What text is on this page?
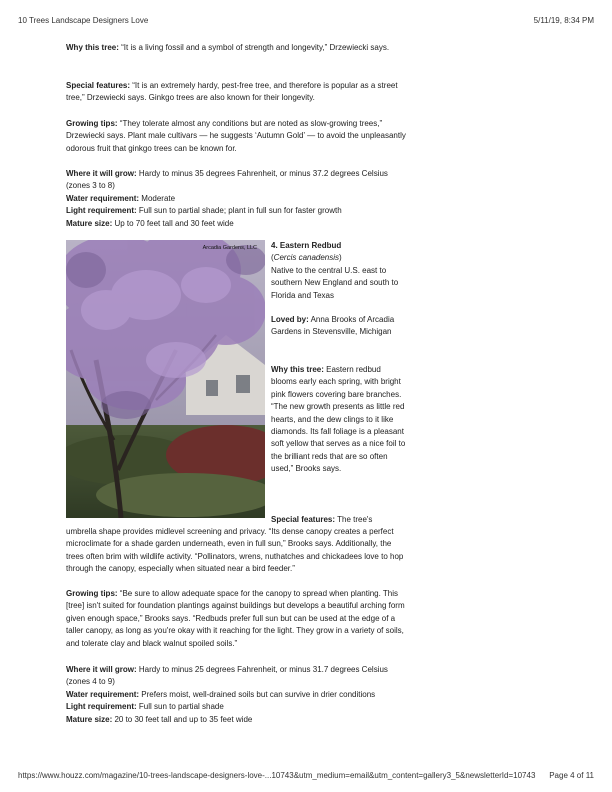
10 Trees Landscape Designers Love	5/11/19, 8:34 PM

Why this tree: “It is a living fossil and a symbol of strength and longevity,” Drzewiecki says.

Special features: “It is an extremely hardy, pest-free tree, and therefore is popular as a street tree,” Drzewiecki says. Ginkgo trees are also known for their longevity.

Growing tips: “They tolerate almost any conditions but are noted as slow-growing trees,” Drzewiecki says. Plant male cultivars — he suggests ‘Autumn Gold’ — to avoid the unpleasantly odorous fruit that ginkgo trees can be known for.

Where it will grow: Hardy to minus 35 degrees Fahrenheit, or minus 37.2 degrees Celsius (zones 3 to 8)

Water requirement: Moderate

Light requirement: Full sun to partial shade; plant in full sun for faster growth

Mature size: Up to 70 feet tall and 30 feet wide

Arcadia Gardens, LLC 4. Eastern Redbud

(Cercis canadensis)

Native to the central U.S. east to southern New England and south to Florida and Texas

Loved by: Anna Brooks of Arcadia Gardens in Stevensville, Michigan

Why this tree: Eastern redbud blooms early each spring, with bright pink flowers covering bare branches. “The new growth presents as little red hearts, and the dew clings to it like diamonds. Its fall foliage is a pleasant soft yellow that serves as a nice foil to the brilliant reds that are so often used,” Brooks says.

Special features: The tree's

umbrella shape provides midlevel screening and privacy. “Its dense canopy creates a perfect microclimate for a shade garden underneath, even in full sun,” Brooks says. Additionally, the trees often brim with wildlife activity. “Pollinators, wrens, nuthatches and chickadees love to hop through the canopy, especially when situated near a bird feeder.”

Growing tips: “Be sure to allow adequate space for the canopy to spread when planting. This [tree] isn't suited for foundation plantings against buildings but develops a beautiful arching form given enough space,” Brooks says. “Redbuds prefer full sun but can be used at the edge of a taller canopy, as long as you're okay with it reaching for the light. They grow in a variety of soils, and tolerate clay and black walnut spoiled soils.”

Where it will grow: Hardy to minus 25 degrees Fahrenheit, or minus 31.7 degrees Celsius (zones 4 to 9)

Water requirement: Prefers moist, well-drained soils but can survive in drier conditions

Light requirement: Full sun to partial shade

Mature size: 20 to 30 feet tall and up to 35 feet wide

https://www.houzz.com/magazine/10-trees-landscape-designers-love-...10743&utm_medium=email&utm_content=gallery3_5&newsletterId=10743 Page 4 of 11
